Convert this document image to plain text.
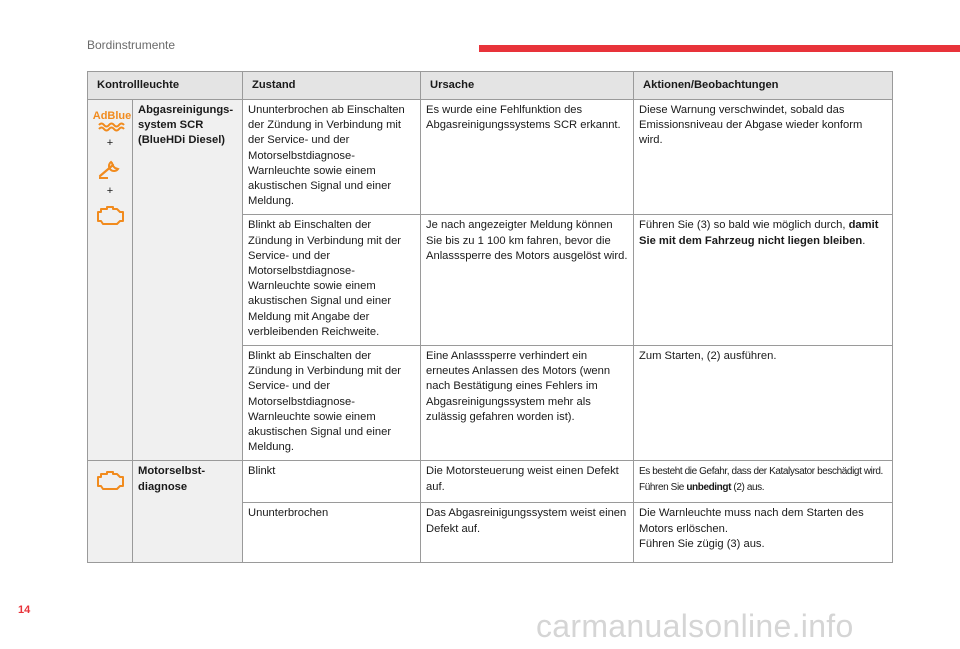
Bordinstrumente
Kontrollleuchte		Zustand	Ursache	Aktionen/Beobachtungen

AdBlue
+
+	Abgasreinigungs-system SCR (BlueHDi Diesel)	Ununterbrochen ab Einschalten der Zündung in Verbindung mit der Service- und der Motorselbstdiagnose-Warnleuchte sowie einem akustischen Signal und einer Meldung.	Es wurde eine Fehlfunktion des Abgasreinigungssystems SCR erkannt.	Diese Warnung verschwindet, sobald das Emissionsniveau der Abgase wieder konform wird.
		Blinkt ab Einschalten der Zündung in Verbindung mit der Service- und der Motorselbstdiagnose-Warnleuchte sowie einem akustischen Signal und einer Meldung mit Angabe der verbleibenden Reichweite.	Je nach angezeigter Meldung können Sie bis zu 1 100 km fahren, bevor die Anlasssperre des Motors ausgelöst wird.	Führen Sie (3) so bald wie möglich durch, damit Sie mit dem Fahrzeug nicht liegen bleiben.
		Blinkt ab Einschalten der Zündung in Verbindung mit der Service- und der Motorselbstdiagnose-Warnleuchte sowie einem akustischen Signal und einer Meldung.	Eine Anlasssperre verhindert ein erneutes Anlassen des Motors (wenn nach Bestätigung eines Fehlers im Abgasreinigungssystem mehr als zulässig gefahren worden ist).	Zum Starten, (2) ausführen.

	Motorselbst-diagnose	Blinkt	Die Motorsteuerung weist einen Defekt auf.	Es besteht die Gefahr, dass der Katalysator beschädigt wird.
Führen Sie unbedingt (2) aus.
		Ununterbrochen	Das Abgasreinigungssystem weist einen Defekt auf.	Die Warnleuchte muss nach dem Starten des Motors erlöschen.
Führen Sie zügig (3) aus.
14	carmanualsonline.info
